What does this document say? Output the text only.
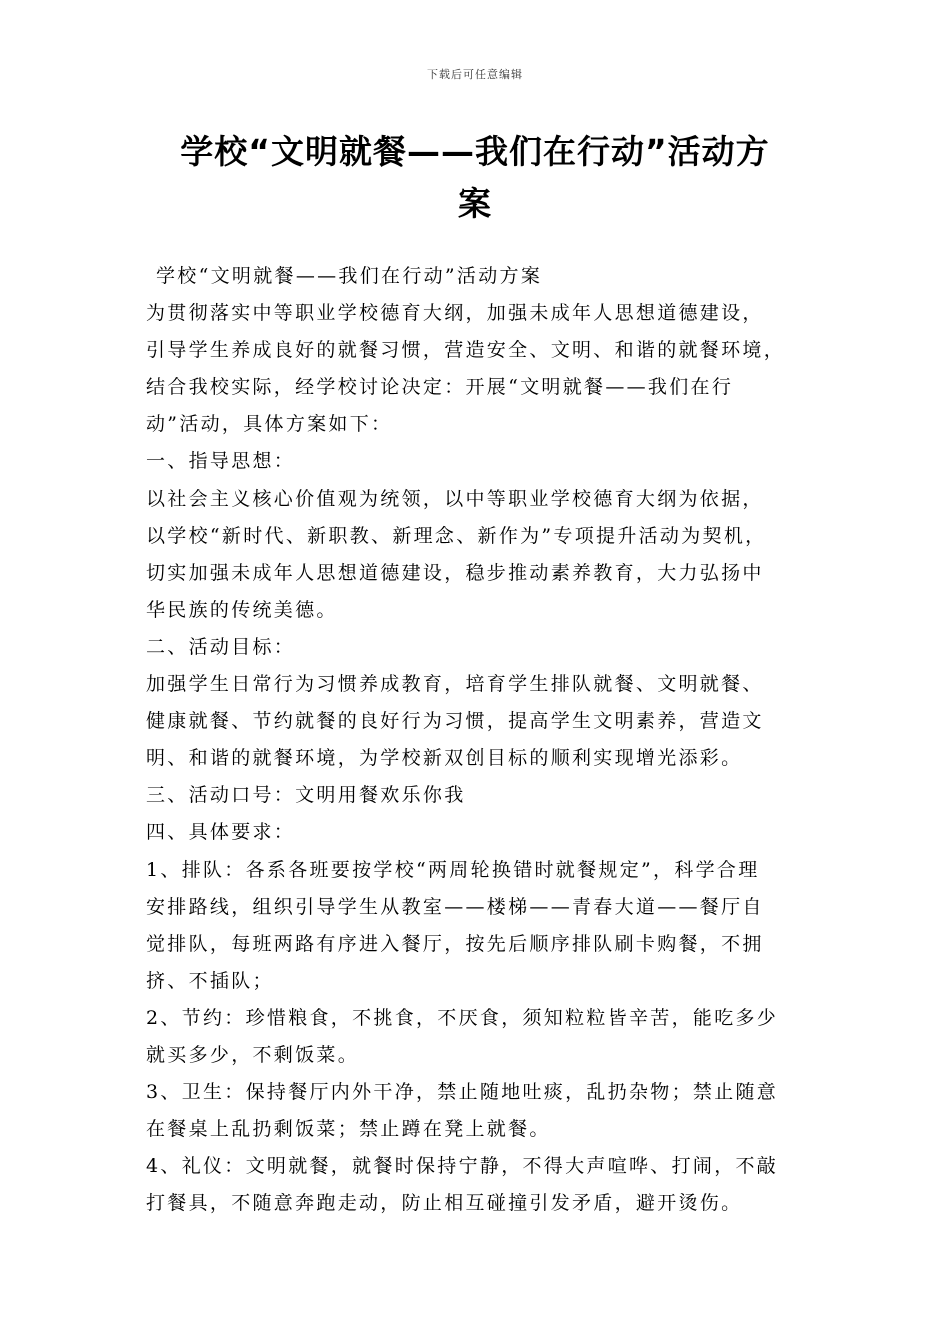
下载后可任意编辑
学校“文明就餐——我们在行动”活动方
案
学校“文明就餐——我们在行动”活动方案
为贯彻落实中等职业学校德育大纲，加强未成年人思想道德建设，
引导学生养成良好的就餐习惯，营造安全、文明、和谐的就餐环境，
结合我校实际，经学校讨论决定：开展“文明就餐——我们在行
动”活动，具体方案如下：
一、指导思想：
以社会主义核心价值观为统领，以中等职业学校德育大纲为依据，
以学校“新时代、新职教、新理念、新作为”专项提升活动为契机，
切实加强未成年人思想道德建设，稳步推动素养教育，大力弘扬中
华民族的传统美德。
二、活动目标：
加强学生日常行为习惯养成教育，培育学生排队就餐、文明就餐、
健康就餐、节约就餐的良好行为习惯，提高学生文明素养，营造文
明、和谐的就餐环境，为学校新双创目标的顺利实现增光添彩。
三、活动口号：文明用餐欢乐你我
四、具体要求：
1、排队：各系各班要按学校“两周轮换错时就餐规定”，科学合理
安排路线，组织引导学生从教室——楼梯——青春大道——餐厅自
觉排队，每班两路有序进入餐厅，按先后顺序排队刷卡购餐，不拥
挤、不插队；
2、节约：珍惜粮食，不挑食，不厌食，须知粒粒皆辛苦，能吃多少
就买多少，不剩饭菜。
3、卫生：保持餐厅内外干净，禁止随地吐痰，乱扔杂物；禁止随意
在餐桌上乱扔剩饭菜；禁止蹲在凳上就餐。
4、礼仪：文明就餐，就餐时保持宁静，不得大声喧哗、打闹，不敲
打餐具，不随意奔跑走动，防止相互碰撞引发矛盾，避开烫伤。
